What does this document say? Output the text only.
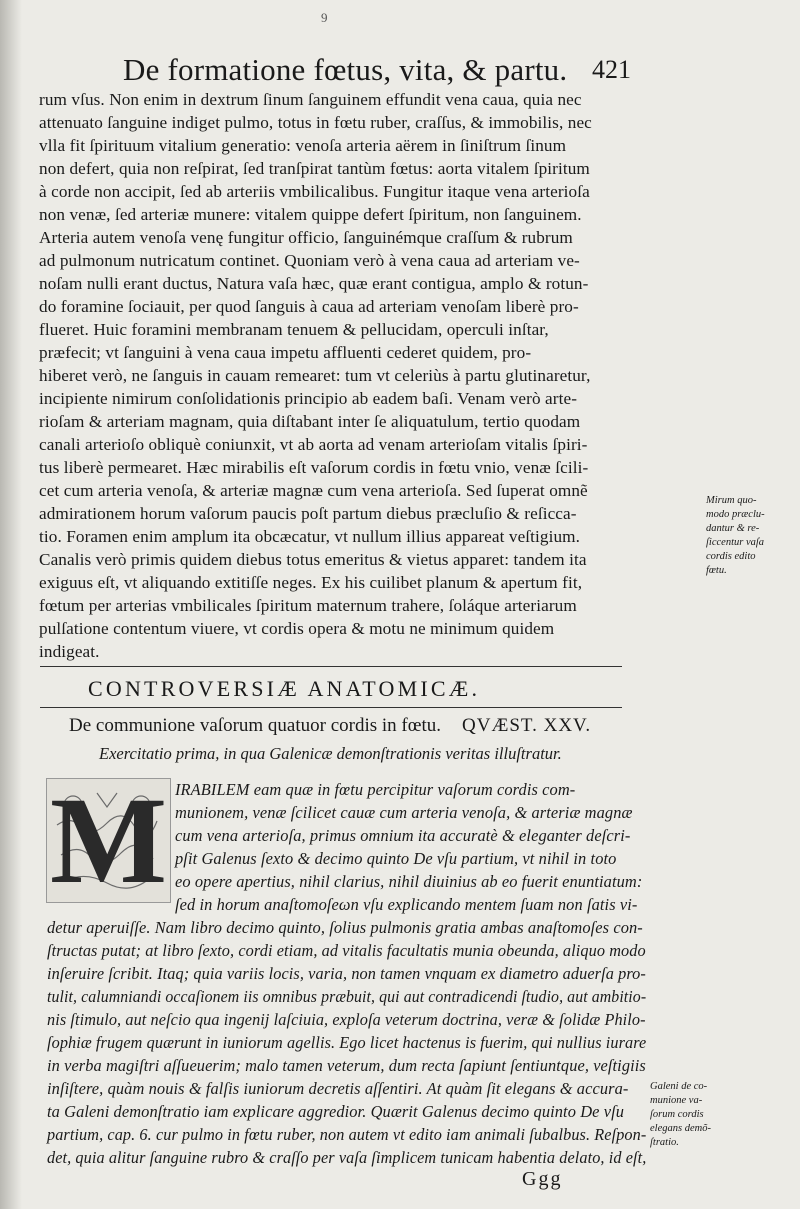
9
De formatione fœtus, vita, & partu. 421
rum vſus. Non enim in dextrum ſinum ſanguinem effundit vena caua, quia nec
attenuato ſanguine indiget pulmo, totus in fœtu ruber, craſſus, & immobilis, nec
vlla fit ſpirituum vitalium generatio: venoſa arteria aërem in ſiniſtrum ſinum
non defert, quia non reſpirat, ſed tranſpirat tantùm fœtus: aorta vitalem ſpiritum
à corde non accipit, ſed ab arteriis vmbilicalibus. Fungitur itaque vena arterioſa
non venæ, ſed arteriæ munere: vitalem quippe defert ſpiritum, non ſanguinem.
Arteria autem venoſa venę fungitur officio, ſanguinémque craſſum & rubrum
ad pulmonum nutricatum continet. Quoniam verò à vena caua ad arteriam ve-
noſam nulli erant ductus, Natura vaſa hæc, quæ erant contigua, amplo & rotun-
do foramine ſociauit, per quod ſanguis à caua ad arteriam venoſam liberè pro-
flueret. Huic foramini membranam tenuem & pellucidam, operculi inſtar,
præfecit; vt ſanguini à vena caua impetu affluenti cederet quidem, pro-
hiberet verò, ne ſanguis in cauam remearet: tum vt celeriùs à partu glutinaretur,
incipiente nimirum conſolidationis principio ab eadem baſi. Venam verò arte-
rioſam & arteriam magnam, quia diſtabant inter ſe aliquatulum, tertio quodam
canali arterioſo obliquè coniunxit, vt ab aorta ad venam arterioſam vitalis ſpiri-
tus liberè permearet. Hæc mirabilis eſt vaſorum cordis in fœtu vnio, venæ ſcili-
cet cum arteria venoſa, & arteriæ magnæ cum vena arterioſa. Sed ſuperat omnẽ
admirationem horum vaſorum paucis poſt partum diebus præcluſio & reſicca-
tio. Foramen enim amplum ita obcæcatur, vt nullum illius appareat veſtigium.
Canalis verò primis quidem diebus totus emeritus & vietus apparet: tandem ita
exiguus eſt, vt aliquando extitiſſe neges. Ex his cuilibet planum & apertum fit,
fœtum per arterias vmbilicales ſpiritum maternum trahere, ſoláque arteriarum
pulſatione contentum viuere, vt cordis opera & motu ne minimum quidem
indigeat.
Mirum quo-
modo præclu-
dantur & re-
ſiccentur vaſa
cordis edito
fœtu.
CONTROVERSIÆ ANATOMICÆ.
De communione vaſorum quatuor cordis in fœtu. QVÆST. XXV.
Exercitatio prima, in qua Galenicæ demonſtrationis veritas illuſtratur.
M IRABILEM eam quæ in fœtu percipitur vaſorum cordis com-
munionem, venæ ſcilicet cauæ cum arteria venoſa, & arteriæ magnæ
cum vena arterioſa, primus omnium ita accuratè & eleganter deſcri-
pſit Galenus ſexto & decimo quinto De vſu partium, vt nihil in toto
eo opere apertius, nihil clarius, nihil diuinius ab eo fuerit enuntiatum:
ſed in horum anaſtomoſeωn vſu explicando mentem ſuam non ſatis vi-
detur aperuiſſe. Nam libro decimo quinto, ſolius pulmonis gratia ambas anaſtomoſes con-
ſtructas putat; at libro ſexto, cordi etiam, ad vitalis facultatis munia obeunda, aliquo modo
inſeruire ſcribit. Itaq; quia variis locis, varia, non tamen vnquam ex diametro aduerſa pro-
tulit, calumniandi occaſionem iis omnibus præbuit, qui aut contradicendi ſtudio, aut ambitio-
nis ſtimulo, aut neſcio qua ingenij laſciuia, exploſa veterum doctrina, veræ & ſolidæ Philo-
ſophiæ frugem quærunt in iuniorum agellis. Ego licet hactenus is fuerim, qui nullius iurare
in verba magiſtri aſſueuerim; malo tamen veterum, dum recta ſapiunt ſentiuntque, veſtigiis
inſiſtere, quàm nouis & falſis iuniorum decretis aſſentiri. At quàm ſit elegans & accura-
ta Galeni demonſtratio iam explicare aggredior. Quærit Galenus decimo quinto De vſu
partium, cap. 6. cur pulmo in fœtu ruber, non autem vt edito iam animali ſubalbus. Reſpon-
det, quia alitur ſanguine rubro & craſſo per vaſa ſimplicem tunicam habentia delato, id eſt,
Galeni de co-
munione va-
ſorum cordis
elegans demõ-
ſtratio.
Ggg
